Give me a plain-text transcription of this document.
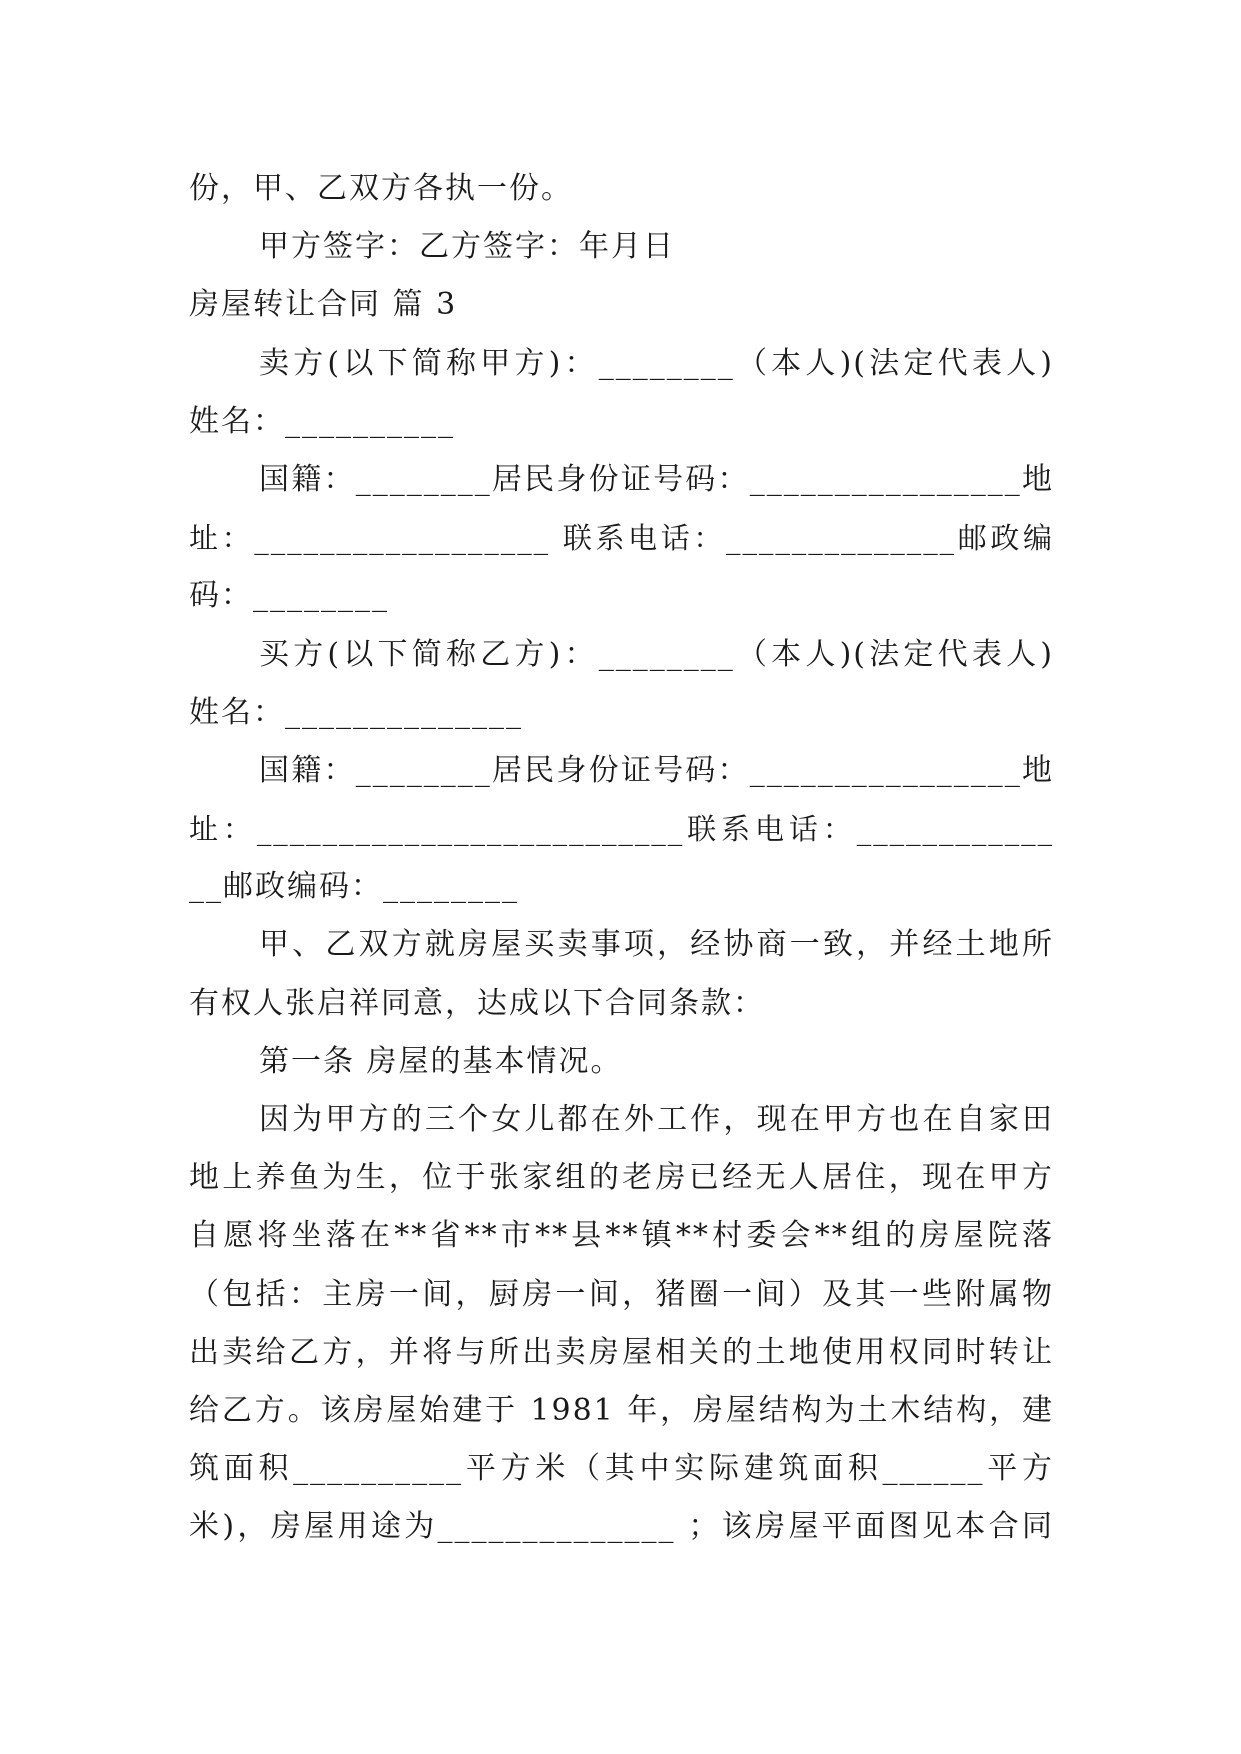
份，甲、乙双方各执一份。
甲方签字：乙方签字：年月日
房屋转让合同 篇 3
卖方(以下简称甲方)：________（本人)(法定代表人)
姓名：__________
国籍：________居民身份证号码：________________地
址：__________________ 联系电话：______________邮政编
码：________
买方(以下简称乙方)：________（本人)(法定代表人)
姓名：______________
国籍：________居民身份证号码：________________地
址：__________________________联系电话：____________
__邮政编码：________
甲、乙双方就房屋买卖事项，经协商一致，并经土地所
有权人张启祥同意，达成以下合同条款：
第一条 房屋的基本情况。
因为甲方的三个女儿都在外工作，现在甲方也在自家田
地上养鱼为生，位于张家组的老房已经无人居住，现在甲方
自愿将坐落在**省**市**县**镇**村委会**组的房屋院落
（包括：主房一间，厨房一间，猪圈一间）及其一些附属物
出卖给乙方，并将与所出卖房屋相关的土地使用权同时转让
给乙方。该房屋始建于 1981 年，房屋结构为土木结构，建
筑面积__________平方米（其中实际建筑面积______平方
米)，房屋用途为______________ ；该房屋平面图见本合同
